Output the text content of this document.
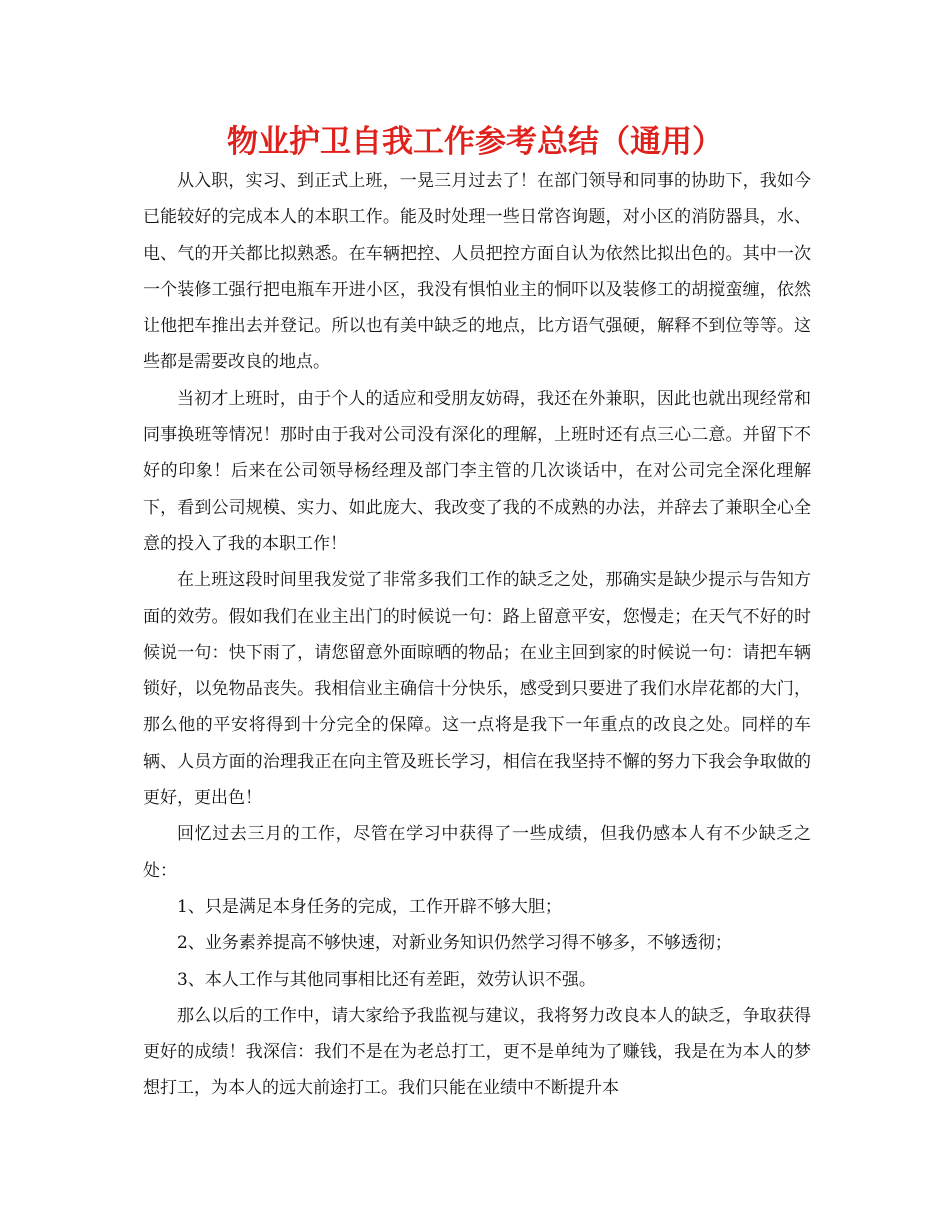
物业护卫自我工作参考总结（通用）

从入职，实习、到正式上班，一晃三月过去了！在部门领导和同事的协助下，我如今已能较好的完成本人的本职工作。能及时处理一些日常咨询题，对小区的消防器具，水、电、气的开关都比拟熟悉。在车辆把控、人员把控方面自认为依然比拟出色的。其中一次一个装修工强行把电瓶车开进小区，我没有惧怕业主的恫吓以及装修工的胡搅蛮缠，依然让他把车推出去并登记。所以也有美中缺乏的地点，比方语气强硬，解释不到位等等。这些都是需要改良的地点。

当初才上班时，由于个人的适应和受朋友妨碍，我还在外兼职，因此也就出现经常和同事换班等情况！那时由于我对公司没有深化的理解，上班时还有点三心二意。并留下不好的印象！后来在公司领导杨经理及部门李主管的几次谈话中，在对公司完全深化理解下，看到公司规模、实力、如此庞大、我改变了我的不成熟的办法，并辞去了兼职全心全意的投入了我的本职工作！

在上班这段时间里我发觉了非常多我们工作的缺乏之处，那确实是缺少提示与告知方面的效劳。假如我们在业主出门的时候说一句：路上留意平安，您慢走；在天气不好的时候说一句：快下雨了，请您留意外面晾晒的物品；在业主回到家的时候说一句：请把车辆锁好，以免物品丧失。我相信业主确信十分快乐，感受到只要进了我们水岸花都的大门，那么他的平安将得到十分完全的保障。这一点将是我下一年重点的改良之处。同样的车辆、人员方面的治理我正在向主管及班长学习，相信在我坚持不懈的努力下我会争取做的更好，更出色！

回忆过去三月的工作，尽管在学习中获得了一些成绩，但我仍感本人有不少缺乏之处：

1、只是满足本身任务的完成，工作开辟不够大胆；

2、业务素养提高不够快速，对新业务知识仍然学习得不够多，不够透彻；

3、本人工作与其他同事相比还有差距，效劳认识不强。

那么以后的工作中，请大家给予我监视与建议，我将努力改良本人的缺乏，争取获得更好的成绩！我深信：我们不是在为老总打工，更不是单纯为了赚钱，我是在为本人的梦想打工，为本人的远大前途打工。我们只能在业绩中不断提升本
